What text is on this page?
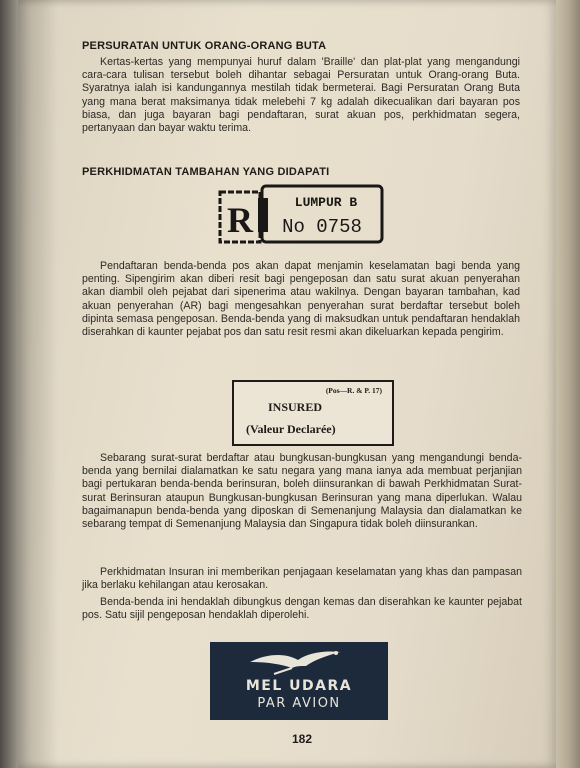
PERSURATAN UNTUK ORANG-ORANG BUTA

Kertas-kertas yang mempunyai huruf dalam 'Braille' dan plat-plat yang mengandungi cara-cara tulisan tersebut boleh dihantar sebagai Persuratan untuk Orang-orang Buta. Syaratnya ialah isi kandungannya mestilah tidak bermeterai. Bagi Persuratan Orang Buta yang mana berat maksimanya tidak melebehi 7 kg adalah dikecualikan dari bayaran pos biasa, dan juga bayaran bagi pendaftaran, surat akuan pos, perkhidmatan segera, pertanyaan dan bayar waktu terima.

PERKHIDMATAN TAMBAHAN YANG DIDAPATI
R	LUMPUR B
No 0758

Pendaftaran benda-benda pos akan dapat menjamin keselamatan bagi benda yang penting. Sipengirim akan diberi resit bagi pengeposan dan satu surat akuan penyerahan akan diambil oleh pejabat dari sipenerima atau wakilnya. Dengan bayaran tambahan, kad akuan penyerahan (AR) bagi mengesahkan penyerahan surat berdaftar tersebut boleh dipinta semasa pengeposan. Benda-benda yang di maksudkan untuk pendaftaran hendaklah diserahkan di kaunter pejabat pos dan satu resit resmi akan dikeluarkan kepada pengirim.

(Pos—R. & P. 17)
INSURED
(Valeur Declarée)

Sebarang surat-surat berdaftar atau bungkusan-bungkusan yang mengandungi benda-benda yang bernilai dialamatkan ke satu negara yang mana ianya ada membuat perjanjian bagi pertukaran benda-benda berinsuran, boleh diinsurankan di bawah Perkhidmatan Surat-surat Berinsuran ataupun Bungkusan-bungkusan Berinsuran yang mana diperlukan. Walau bagaimanapun benda-benda yang diposkan di Semenanjung Malaysia dan dialamatkan ke sebarang tempat di Semenanjung Malaysia dan Singapura tidak boleh diinsurankan.

Perkhidmatan Insuran ini memberikan penjagaan keselamatan yang khas dan pampasan jika berlaku kehilangan atau kerosakan.

Benda-benda ini hendaklah dibungkus dengan kemas dan diserahkan ke kaunter pejabat pos. Satu sijil pengeposan hendaklah diperolehi.

MEL UDARA
PAR AVION
182
